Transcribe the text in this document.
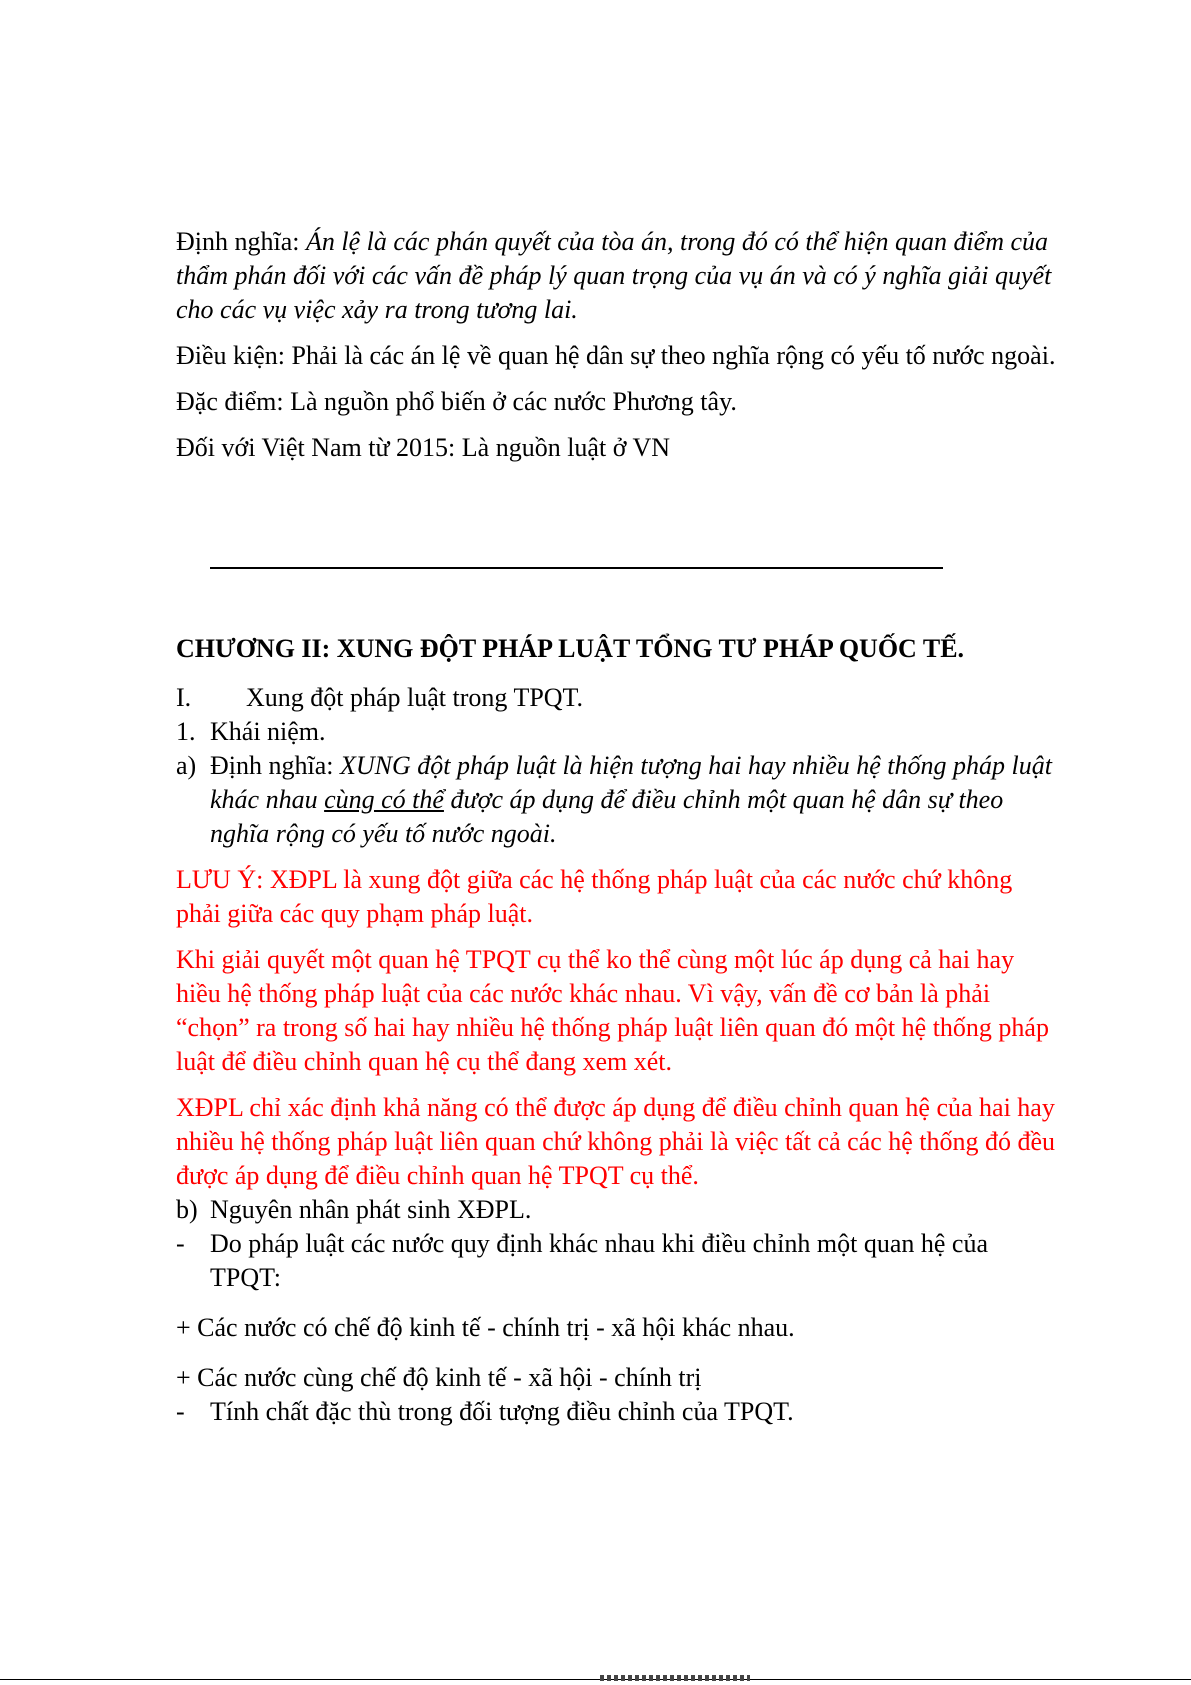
Định nghĩa: Án lệ là các phán quyết của tòa án, trong đó có thể hiện quan điểm của thẩm phán đối với các vấn đề pháp lý quan trọng của vụ án và có ý nghĩa giải quyết cho các vụ việc xảy ra trong tương lai.

Điều kiện: Phải là các án lệ về quan hệ dân sự theo nghĩa rộng có yếu tố nước ngoài.

Đặc điểm: Là nguồn phổ biến ở các nước Phương tây.

Đối với Việt Nam từ 2015: Là nguồn luật ở VN

CHƯƠNG II: XUNG ĐỘT PHÁP LUẬT TỔNG TƯ PHÁP QUỐC TẾ.

I.	Xung đột pháp luật trong TPQT.
1. Khái niệm.
a) Định nghĩa: XUNG đột pháp luật là hiện tượng hai hay nhiều hệ thống pháp luật khác nhau cùng có thể được áp dụng để điều chỉnh một quan hệ dân sự theo nghĩa rộng có yếu tố nước ngoài.

LƯU Ý: XĐPL là xung đột giữa các hệ thống pháp luật của các nước chứ không phải giữa các quy phạm pháp luật.

Khi giải quyết một quan hệ TPQT cụ thể ko thể cùng một lúc áp dụng cả hai hay hiều hệ thống pháp luật của các nước khác nhau. Vì vậy, vấn đề cơ bản là phải “chọn” ra trong số hai hay nhiều hệ thống pháp luật liên quan đó một hệ thống pháp luật để điều chỉnh quan hệ cụ thể đang xem xét.

XĐPL chỉ xác định khả năng có thể được áp dụng để điều chỉnh quan hệ của hai hay nhiều hệ thống pháp luật liên quan chứ không phải là việc tất cả các hệ thống đó đều được áp dụng để điều chỉnh quan hệ TPQT cụ thể.

b) Nguyên nhân phát sinh XĐPL.
- Do pháp luật các nước quy định khác nhau khi điều chỉnh một quan hệ của TPQT:

+ Các nước có chế độ kinh tế - chính trị - xã hội khác nhau.

+ Các nước cùng chế độ kinh tế - xã hội - chính trị

- Tính chất đặc thù trong đối tượng điều chỉnh của TPQT.
